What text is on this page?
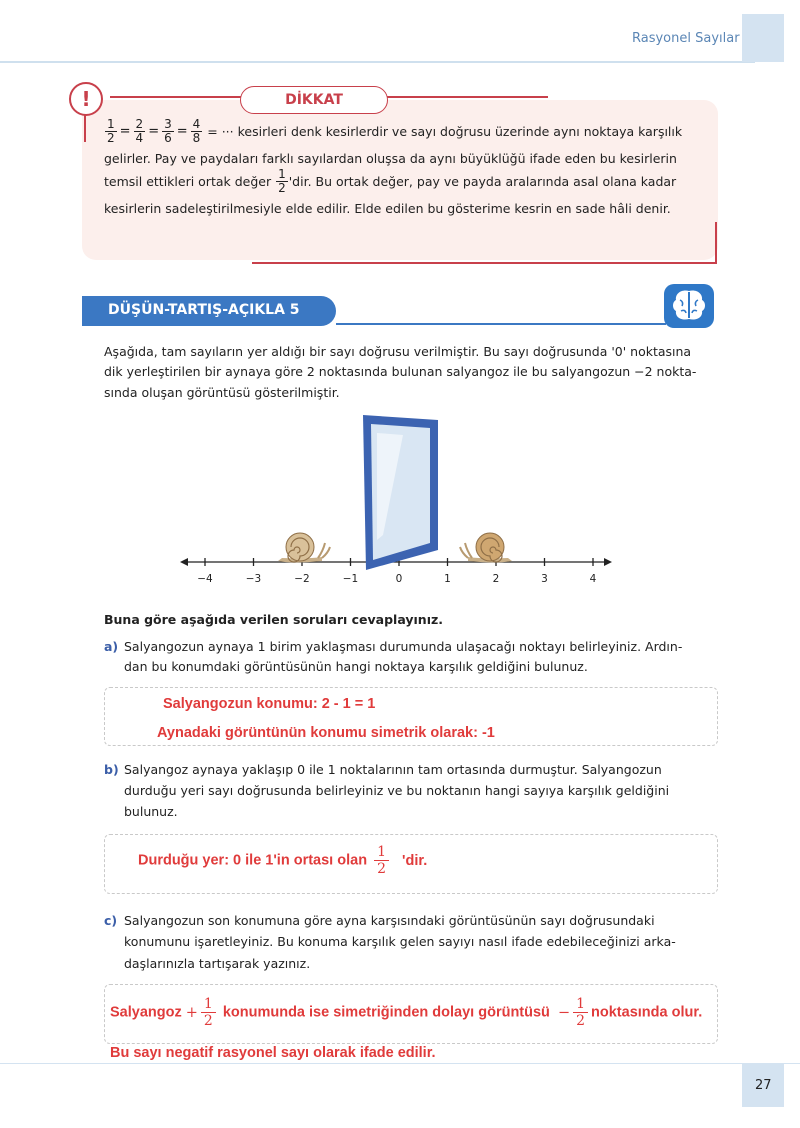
Rasyonel Sayılar
!	DİKKAT
$\frac{1}{2} = \frac{2}{4} = \frac{3}{6} = \frac{4}{8}$ = ··· kesirleri denk kesirlerdir ve sayı doğrusu üzerinde aynı noktaya karşılık
gelirler. Pay ve paydaları farklı sayılardan oluşsa da aynı büyüklüğü ifade eden bu kesirlerin
temsil ettikleri ortak değer $\frac{1}{2}$ 'dir. Bu ortak değer, pay ve payda aralarında asal olana kadar
kesirlerin sadeleştirilmesiyle elde edilir. Elde edilen bu gösterime kesrin en sade hâli denir.
DÜŞÜN-TARTIŞ-AÇIKLA 5
Aşağıda, tam sayıların yer aldığı bir sayı doğrusu verilmiştir. Bu sayı doğrusunda '0' noktasına
dik yerleştirilen bir aynaya göre 2 noktasında bulunan salyangoz ile bu salyangozun −2 nokta-
sında oluşan görüntüsü gösterilmiştir.
−4	−3	−2	−1	0	1	2	3	4
Buna göre aşağıda verilen soruları cevaplayınız.
a) Salyangozun aynaya 1 birim yaklaşması durumunda ulaşacağı noktayı belirleyiniz. Ardın-
dan bu konumdaki görüntüsünün hangi noktaya karşılık geldiğini bulunuz.
Salyangozun konumu: 2 - 1 = 1
Aynadaki görüntünün konumu simetrik olarak: -1
b) Salyangoz aynaya yaklaşıp 0 ile 1 noktalarının tam ortasında durmuştur. Salyangozun
durduğu yeri sayı doğrusunda belirleyiniz ve bu noktanın hangi sayıya karşılık geldiğini
bulunuz.
Durduğu yer: 0 ile 1'in ortası olan $\frac{1}{2}$ 'dir.
c) Salyangozun son konumuna göre ayna karşısındaki görüntüsünün sayı doğrusundaki
konumunu işaretleyiniz. Bu konuma karşılık gelen sayıyı nasıl ifade edebileceğinizi arka-
daşlarınızla tartışarak yazınız.
Salyangoz + $\frac{1}{2}$ konumunda ise simetriğinden dolayı görüntüsü − $\frac{1}{2}$ noktasında olur.
Bu sayı negatif rasyonel sayı olarak ifade edilir.
27
